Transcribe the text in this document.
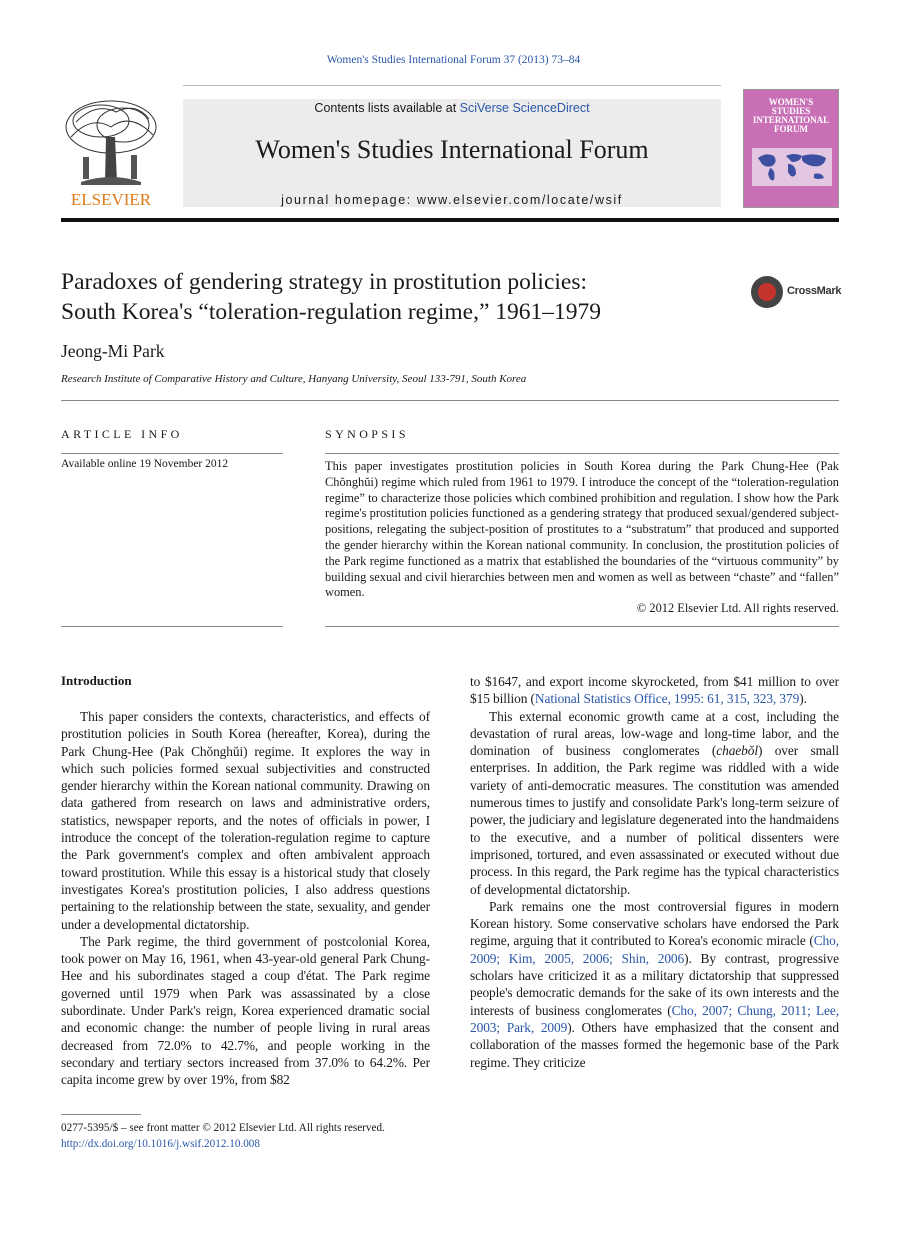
Women's Studies International Forum 37 (2013) 73–84
ELSEVIER
Contents lists available at SciVerse ScienceDirect
Women's Studies International Forum
journal homepage: www.elsevier.com/locate/wsif
WOMEN'S
STUDIES
INTERNATIONAL
FORUM
Paradoxes of gendering strategy in prostitution policies:
South Korea's “toleration-regulation regime,” 1961–1979
CrossMark
Jeong-Mi Park
Research Institute of Comparative History and Culture, Hanyang University, Seoul 133-791, South Korea
ARTICLE INFO
Available online 19 November 2012
SYNOPSIS
This paper investigates prostitution policies in South Korea during the Park Chung-Hee (Pak Chŏnghŭi) regime which ruled from 1961 to 1979. I introduce the concept of the “toleration-regulation regime” to characterize those policies which combined prohibition and regulation. I show how the Park regime's prostitution policies functioned as a gendering strategy that produced sexual/gendered subject-positions, relegating the subject-position of prostitutes to a “substratum” that produced and supported the gender hierarchy within the Korean national community. In conclusion, the prostitution policies of the Park regime functioned as a matrix that established the boundaries of the “virtuous community” by building sexual and civil hierarchies between men and women as well as between “chaste” and “fallen” women.
© 2012 Elsevier Ltd. All rights reserved.
Introduction

This paper considers the contexts, characteristics, and effects of prostitution policies in South Korea (hereafter, Korea), during the Park Chung-Hee (Pak Chŏnghŭi) regime. It explores the way in which such policies formed sexual subjectivities and constructed gender hierarchy within the Korean national community. Drawing on data gathered from research on laws and administrative orders, statistics, newspaper reports, and the notes of officials in power, I introduce the concept of the toleration-regulation regime to capture the Park government's complex and often ambivalent approach toward prostitution. While this essay is a historical study that closely investigates Korea's prostitution policies, I also address questions pertaining to the relationship between the state, sexuality, and gender under a developmental dictatorship.

The Park regime, the third government of postcolonial Korea, took power on May 16, 1961, when 43-year-old general Park Chung-Hee and his subordinates staged a coup d'état. The Park regime governed until 1979 when Park was assassinated by a close subordinate. Under Park's reign, Korea experienced dramatic social and economic change: the number of people living in rural areas decreased from 72.0% to 42.7%, and people working in the secondary and tertiary sectors increased from 37.0% to 64.2%. Per capita income grew by over 19%, from $82

to $1647, and export income skyrocketed, from $41 million to over $15 billion (National Statistics Office, 1995: 61, 315, 323, 379).

This external economic growth came at a cost, including the devastation of rural areas, low-wage and long-time labor, and the domination of business conglomerates (chaebŏl) over small enterprises. In addition, the Park regime was riddled with a wide variety of anti-democratic measures. The constitution was amended numerous times to justify and consolidate Park's long-term seizure of power, the judiciary and legislature degenerated into the handmaidens to the executive, and a number of political dissenters were imprisoned, tortured, and even assassinated or executed without due process. In this regard, the Park regime has the typical characteristics of developmental dictatorship.

Park remains one the most controversial figures in modern Korean history. Some conservative scholars have endorsed the Park regime, arguing that it contributed to Korea's economic miracle (Cho, 2009; Kim, 2005, 2006; Shin, 2006). By contrast, progressive scholars have criticized it as a military dictatorship that suppressed people's democratic demands for the sake of its own interests and the interests of business conglomerates (Cho, 2007; Chung, 2011; Lee, 2003; Park, 2009). Others have emphasized that the consent and collaboration of the masses formed the hegemonic base of the Park regime. They criticize

0277-5395/$ – see front matter © 2012 Elsevier Ltd. All rights reserved.
http://dx.doi.org/10.1016/j.wsif.2012.10.008
